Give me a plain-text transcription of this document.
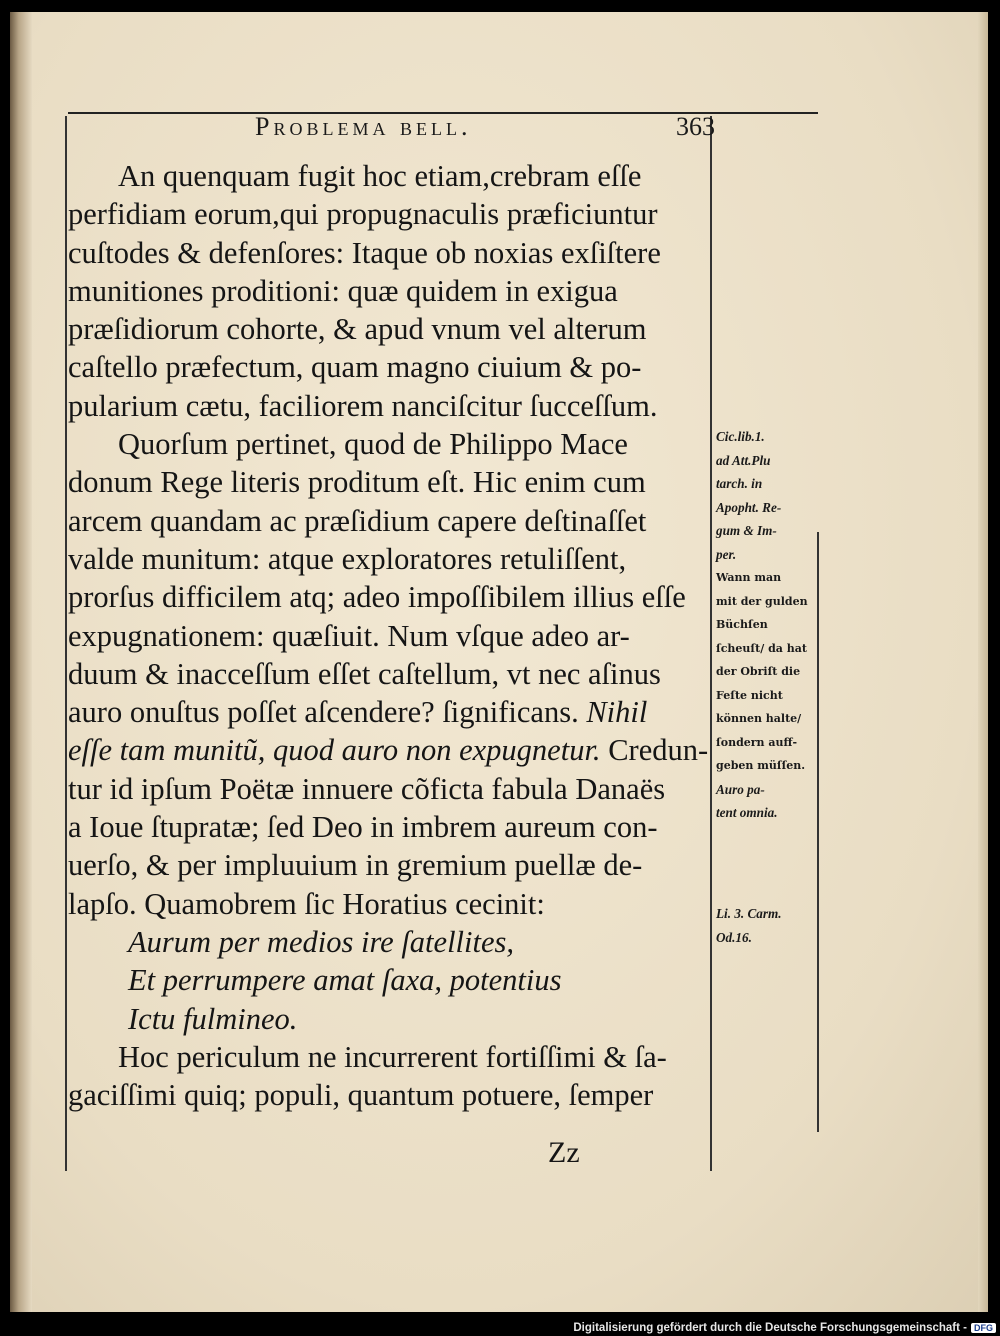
Problema bell.	363
An quenquam fugit hoc etiam,crebram eſſe
perfidiam eorum,qui propugnaculis præficiuntur
cuſtodes & defenſores: Itaque ob noxias exſiſtere
munitiones proditioni: quæ quidem in exigua
præſidiorum cohorte, & apud vnum vel alterum
caſtello præfectum, quam magno ciuium & po-
pularium cætu, faciliorem nanciſcitur ſucceſſum.
Quorſum pertinet, quod de Philippo Mace
donum Rege literis proditum eſt. Hic enim cum
arcem quandam ac præſidium capere deſtinaſſet
valde munitum: atque exploratores retuliſſent,
prorſus difficilem atq; adeo impoſſibilem illius eſſe
expugnationem: quæſiuit. Num vſque adeo ar-
duum & inacceſſum eſſet caſtellum, vt nec aſinus
auro onuſtus poſſet aſcendere? ſignificans. Nihil
eſſe tam munitũ, quod auro non expugnetur. Credun-
tur id ipſum Poëtæ innuere cõficta fabula Danaës
a Ioue ſtupratæ; ſed Deo in imbrem aureum con-
uerſo, & per impluuium in gremium puellæ de-
lapſo. Quamobrem ſic Horatius cecinit:
Aurum per medios ire ſatellites,
Et perrumpere amat ſaxa, potentius
Ictu fulmineo.
Hoc periculum ne incurrerent fortiſſimi & ſa-
gaciſſimi quiq; populi, quantum potuere, ſemper
Zz
Cic.lib.1.
ad Att.Plu
tarch. in
Apopht. Re-
gum & Im-
per.
Wann man
mit der gulden
Büchſen
ſcheuſt/ da hat
der Obriſt die
Feſte nicht
können halte/
ſondern auff-
geben müſſen.
Auro pa-
tent omnia.
Li. 3. Carm.
Od.16.
Digitalisierung gefördert durch die Deutsche Forschungsgemeinschaft - DFG
